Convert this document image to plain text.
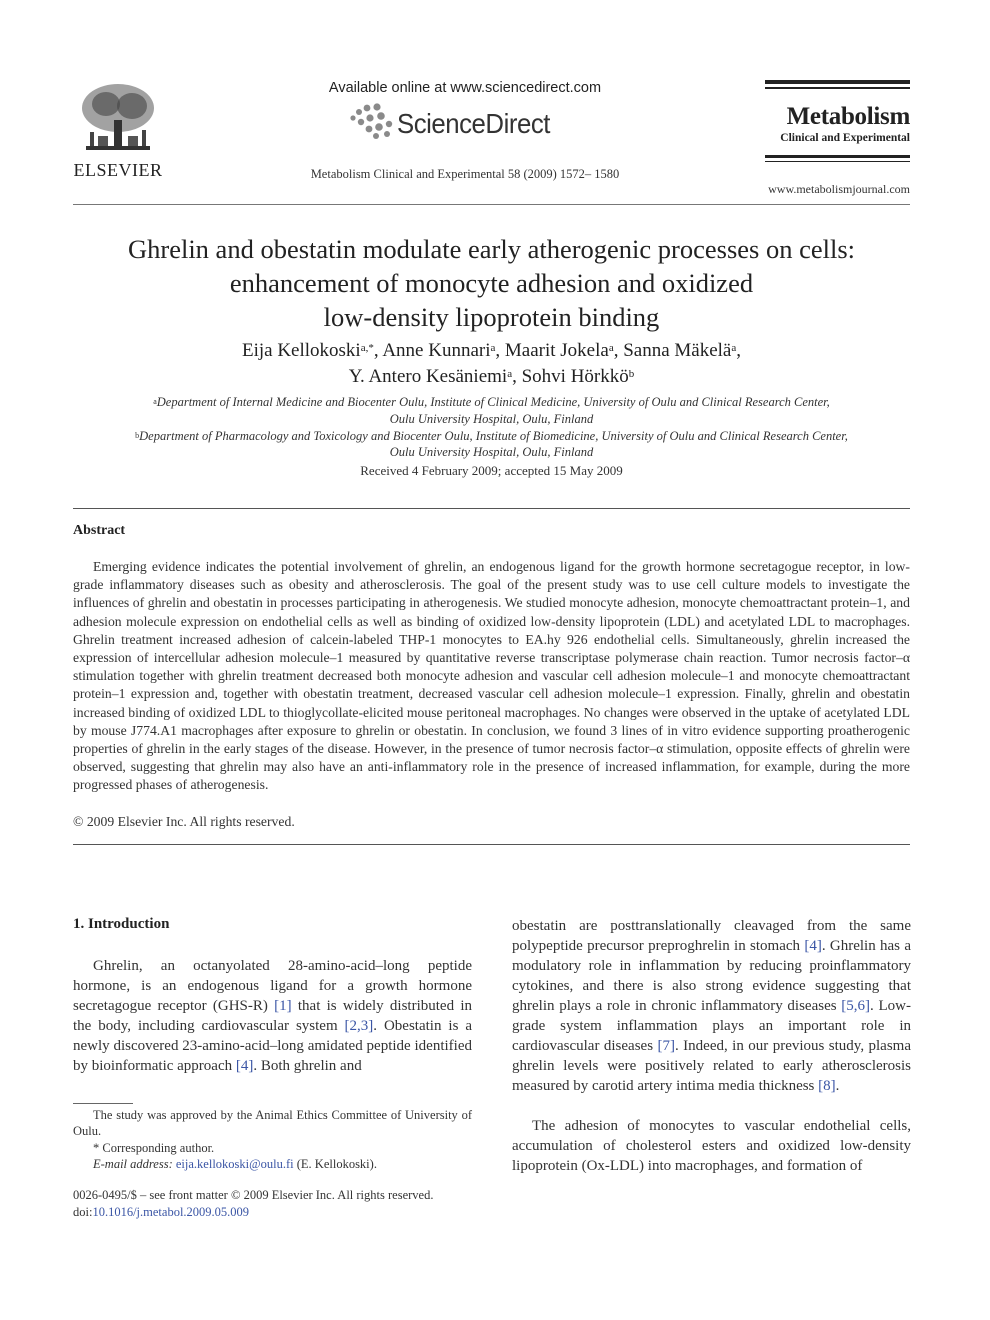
ELSEVIER
Available online at www.sciencedirect.com
ScienceDirect
Metabolism Clinical and Experimental 58 (2009) 1572– 1580
Metabolism
Clinical and Experimental
www.metabolismjournal.com
Ghrelin and obestatin modulate early atherogenic processes on cells:
enhancement of monocyte adhesion and oxidized
low-density lipoprotein binding
Eija Kellokoski$^{a,*}$, Anne Kunnari$^a$, Maarit Jokela$^a$, Sanna Mäkelä$^a$,
Y. Antero Kesäniemi$^a$, Sohvi Hörkkö$^b$
$^a$Department of Internal Medicine and Biocenter Oulu, Institute of Clinical Medicine, University of Oulu and Clinical Research Center,
Oulu University Hospital, Oulu, Finland
$^b$Department of Pharmacology and Toxicology and Biocenter Oulu, Institute of Biomedicine, University of Oulu and Clinical Research Center,
Oulu University Hospital, Oulu, Finland
Received 4 February 2009; accepted 15 May 2009
Abstract
Emerging evidence indicates the potential involvement of ghrelin, an endogenous ligand for the growth hormone secretagogue receptor, in low-grade inflammatory diseases such as obesity and atherosclerosis. The goal of the present study was to use cell culture models to investigate the influences of ghrelin and obestatin in processes participating in atherogenesis. We studied monocyte adhesion, monocyte chemoattractant protein–1, and adhesion molecule expression on endothelial cells as well as binding of oxidized low-density lipoprotein (LDL) and acetylated LDL to macrophages. Ghrelin treatment increased adhesion of calcein-labeled THP-1 monocytes to EA.hy 926 endothelial cells. Simultaneously, ghrelin increased the expression of intercellular adhesion molecule–1 measured by quantitative reverse transcriptase polymerase chain reaction. Tumor necrosis factor–α stimulation together with ghrelin treatment decreased both monocyte adhesion and vascular cell adhesion molecule–1 and monocyte chemoattractant protein–1 expression and, together with obestatin treatment, decreased vascular cell adhesion molecule–1 expression. Finally, ghrelin and obestatin increased binding of oxidized LDL to thioglycollate-elicited mouse peritoneal macrophages. No changes were observed in the uptake of acetylated LDL by mouse J774.A1 macrophages after exposure to ghrelin or obestatin. In conclusion, we found 3 lines of in vitro evidence supporting proatherogenic properties of ghrelin in the early stages of the disease. However, in the presence of tumor necrosis factor–α stimulation, opposite effects of ghrelin were observed, suggesting that ghrelin may also have an anti-inflammatory role in the presence of increased inflammation, for example, during the more progressed phases of atherogenesis.
© 2009 Elsevier Inc. All rights reserved.
1. Introduction
Ghrelin, an octanyolated 28-amino-acid–long peptide hormone, is an endogenous ligand for a growth hormone secretagogue receptor (GHS-R) [1] that is widely distributed in the body, including cardiovascular system [2,3]. Obestatin is a newly discovered 23-amino-acid–long amidated peptide identified by bioinformatic approach [4]. Both ghrelin and
obestatin are posttranslationally cleavaged from the same polypeptide precursor preproghrelin in stomach [4]. Ghrelin has a modulatory role in inflammation by reducing proinflammatory cytokines, and there is also strong evidence suggesting that ghrelin plays a role in chronic inflammatory diseases [5,6]. Low-grade system inflammation plays an important role in cardiovascular diseases [7]. Indeed, in our previous study, plasma ghrelin levels were positively related to early atherosclerosis measured by carotid artery intima media thickness [8].
The adhesion of monocytes to vascular endothelial cells, accumulation of cholesterol esters and oxidized low-density lipoprotein (Ox-LDL) into macrophages, and formation of
The study was approved by the Animal Ethics Committee of University of Oulu.
* Corresponding author.
E-mail address: eija.kellokoski@oulu.fi (E. Kellokoski).
0026-0495/$ – see front matter © 2009 Elsevier Inc. All rights reserved.
doi:10.1016/j.metabol.2009.05.009
